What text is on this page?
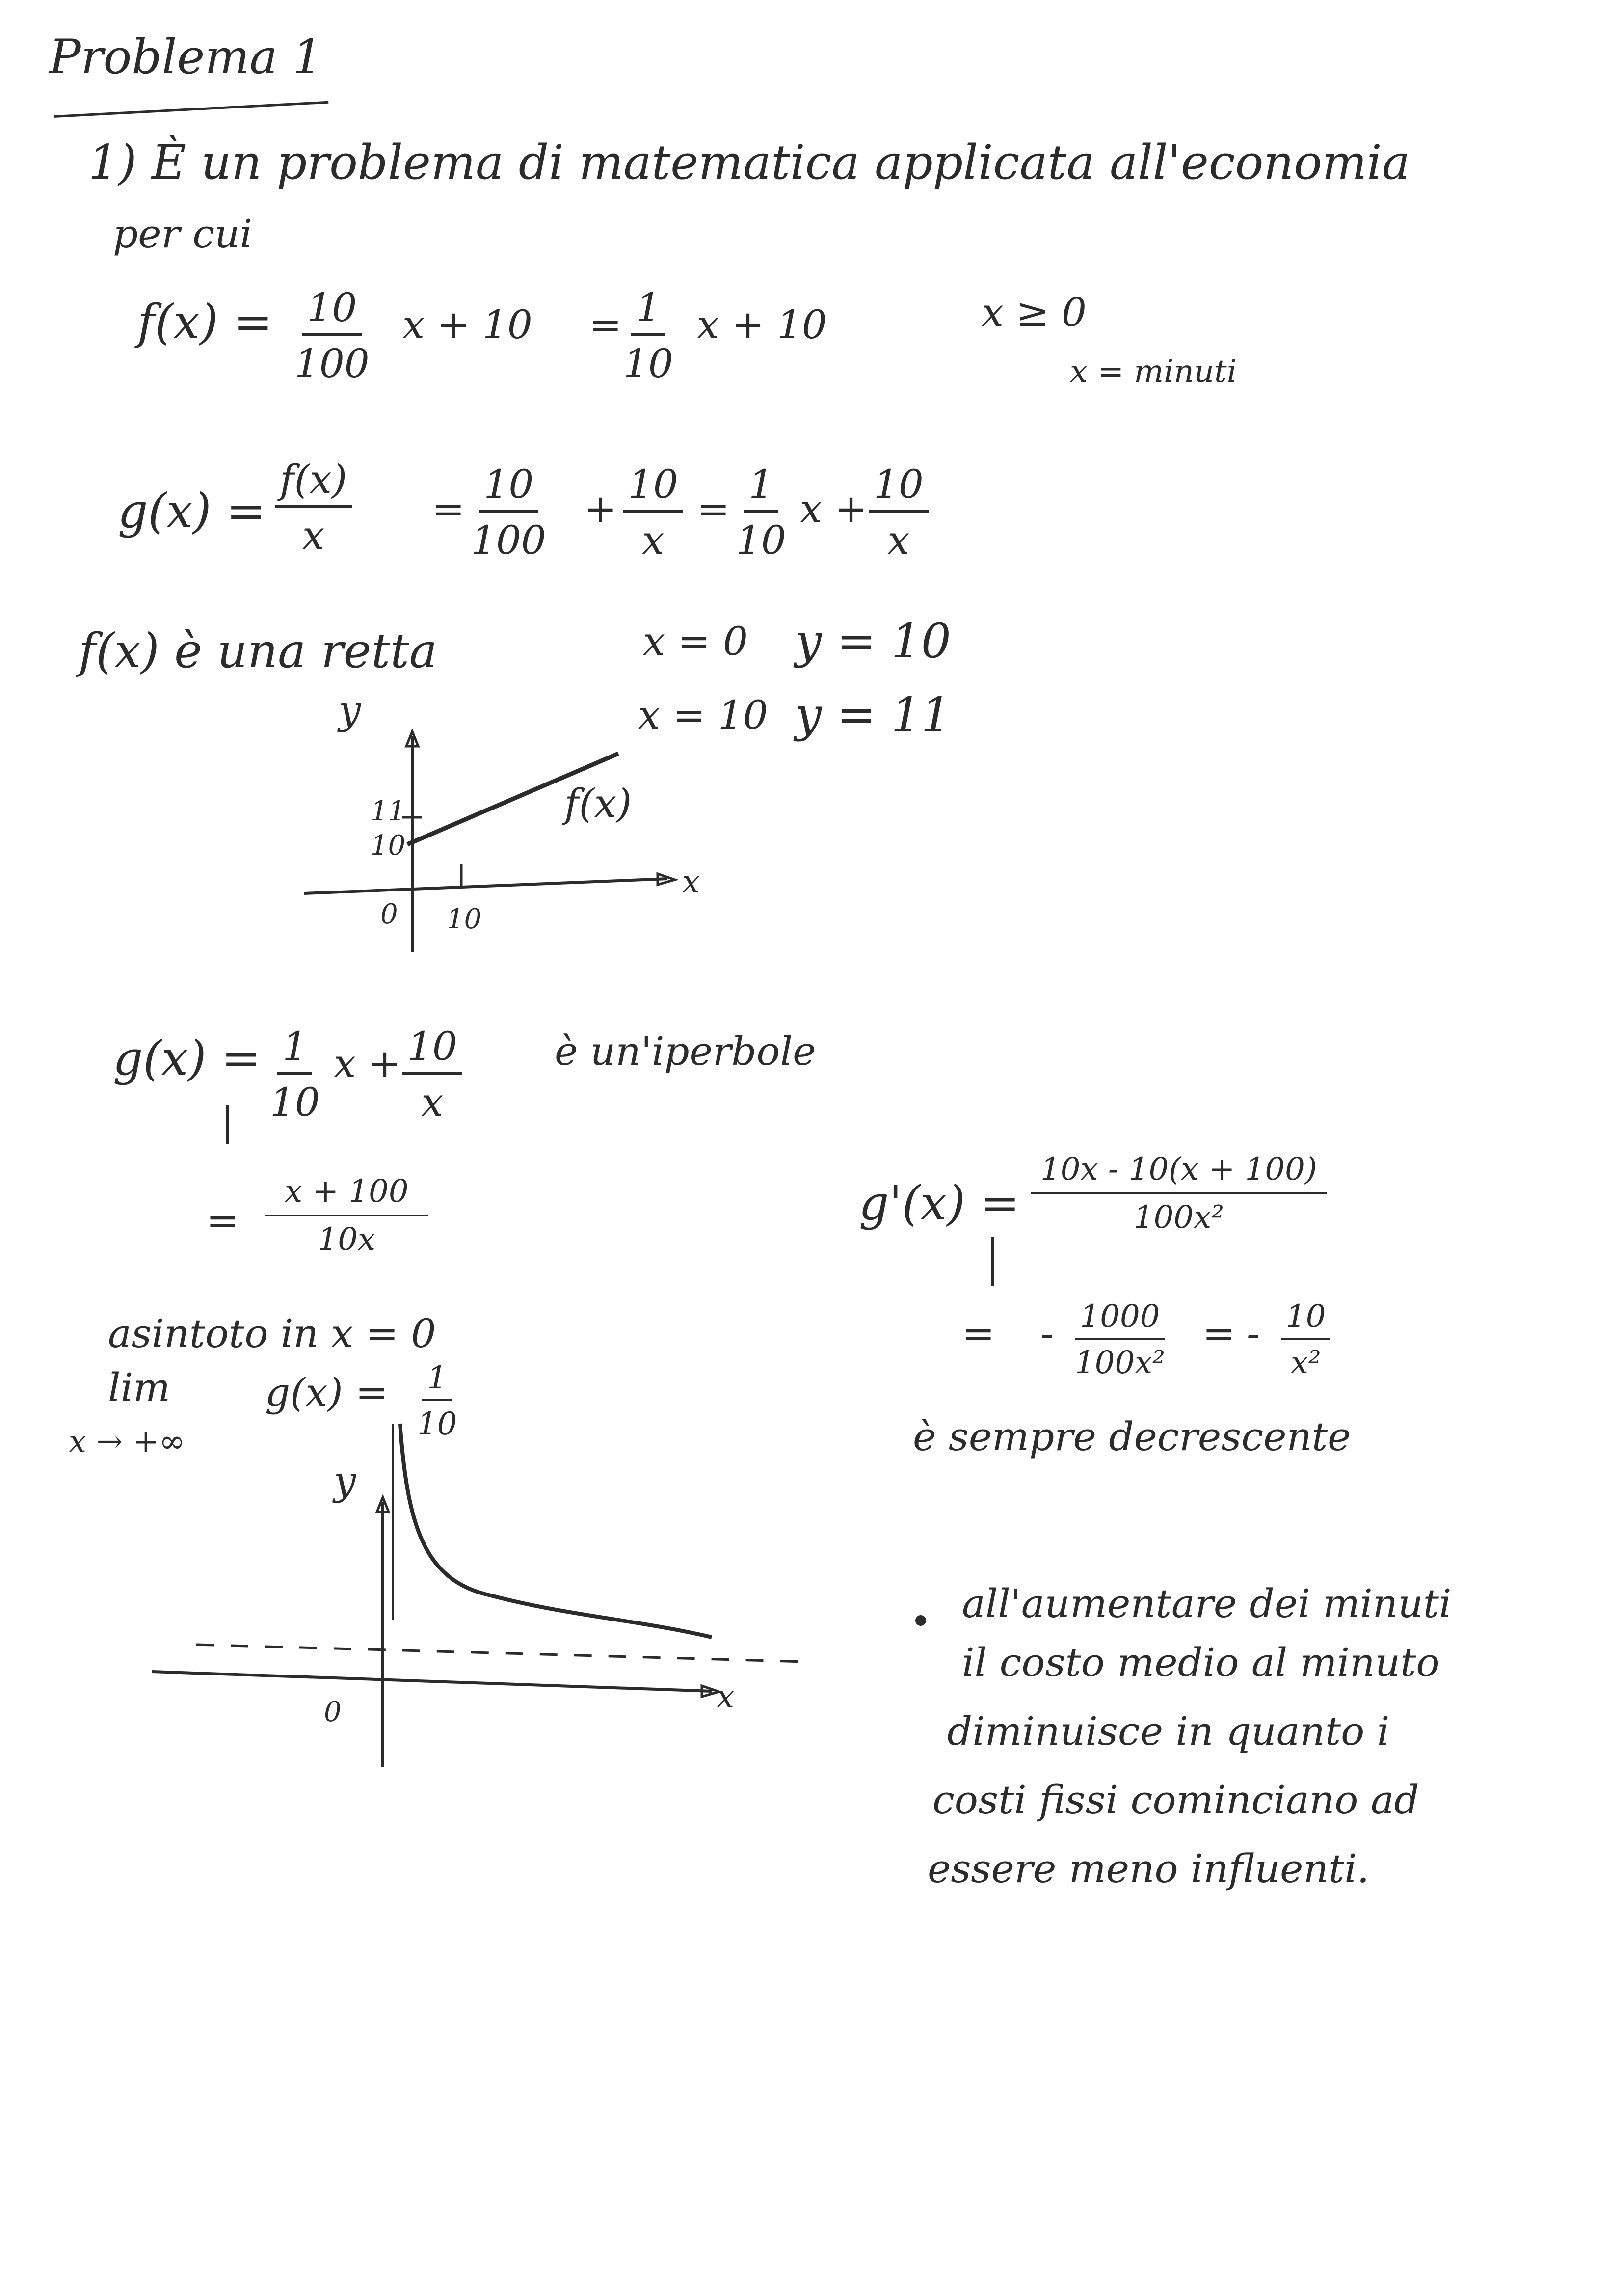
Problema 1
1) È un problema di matematica applicata all'economia
per cui
$f(x) = \frac{10}{100}$ $x + 10 = \frac{1}{10}$ x + 10	x ≥ 0
x = minuti
$g(x) = \frac{f(x)}{x} = \frac{10}{100} + \frac{10}{x} = \frac{1}{10}$ $x + \frac{10}{x}$
f(x) è una retta	x = 0 y = 10
x = 10 y = 11
y
x
11
10
0 10
f(x)
$g(x) = \frac{1}{10}$ $x + \frac{10}{x}$ è un'iperbole
= $\frac{x + 100}{10x}$	$g'(x) = \frac{10x - 10(x + 100)}{\text{100x²}}$
= - $\frac{1000}{\text{100x²}}$ = - $\frac{10}{\text{x²}}$
è sempre decrescente
asintoto in x = 0
lim
x → +∞
$g(x) = \frac{1}{10}$
y
x
0
all'aumentare dei minuti
il costo medio al minuto
diminuisce in quanto i
costi fissi cominciano ad
essere meno influenti.
